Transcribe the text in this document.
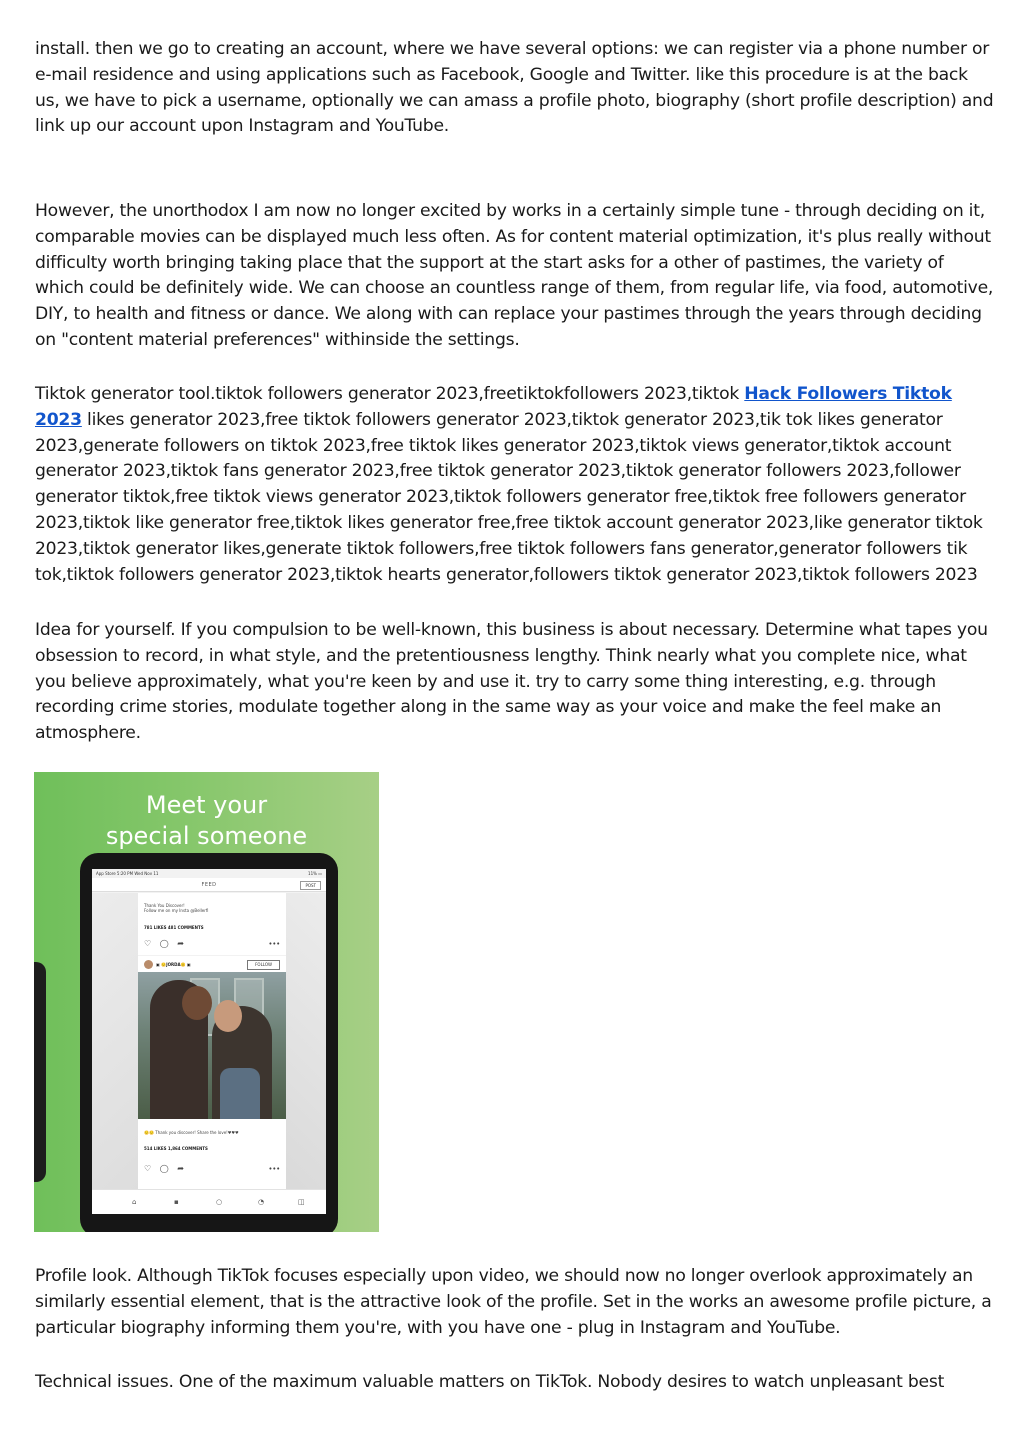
install. then we go to creating an account, where we have several options: we can register via a phone number or e-mail residence and using applications such as Facebook, Google and Twitter. like this procedure is at the back us, we have to pick a username, optionally we can amass a profile photo, biography (short profile description) and link up our account upon Instagram and YouTube.

However, the unorthodox I am now no longer excited by works in a certainly simple tune - through deciding on it, comparable movies can be displayed much less often. As for content material optimization, it's plus really without difficulty worth bringing taking place that the support at the start asks for a other of pastimes, the variety of which could be definitely wide. We can choose an countless range of them, from regular life, via food, automotive, DIY, to health and fitness or dance. We along with can replace your pastimes through the years through deciding on "content material preferences" withinside the settings.

Tiktok generator tool.tiktok followers generator 2023,freetiktokfollowers 2023,tiktok Hack Followers Tiktok 2023 likes generator 2023,free tiktok followers generator 2023,tiktok generator 2023,tik tok likes generator 2023,generate followers on tiktok 2023,free tiktok likes generator 2023,tiktok views generator,tiktok account generator 2023,tiktok fans generator 2023,free tiktok generator 2023,tiktok generator followers 2023,follower generator tiktok,free tiktok views generator 2023,tiktok followers generator free,tiktok free followers generator 2023,tiktok like generator free,tiktok likes generator free,free tiktok account generator 2023,like generator tiktok 2023,tiktok generator likes,generate tiktok followers,free tiktok followers fans generator,generator followers tik tok,tiktok followers generator 2023,tiktok hearts generator,followers tiktok generator 2023,tiktok followers 2023

Idea for yourself. If you compulsion to be well-known, this business is about necessary. Determine what tapes you obsession to record, in what style, and the pretentiousness lengthy. Think nearly what you complete nice, what you believe approximately, what you're keen by and use it. try to carry some thing interesting, e.g. through recording crime stories, modulate together along in the same way as your voice and make the feel make an atmosphere.

Meet your
special someone
App Store 5:20 PM Wed Nov 11	11% ▭
FEED	POST
Thank You Discover!
Follow me on my Insta @Bellerfi
781 LIKES 481 COMMENTS
♡ ◯ ➦	•••
▣ 🙂JORDA🙂 ▣	FOLLOW
🙂🙂 Thank you discover! Share the love!♥♥♥
514 LIKES 1,864 COMMENTS
♡ ◯ ➦	•••
⌂	▪	○	◔	◫

Profile look. Although TikTok focuses especially upon video, we should now no longer overlook approximately an similarly essential element, that is the attractive look of the profile. Set in the works an awesome profile picture, a particular biography informing them you're, with you have one - plug in Instagram and YouTube.

Technical issues. One of the maximum valuable matters on TikTok. Nobody desires to watch unpleasant best
